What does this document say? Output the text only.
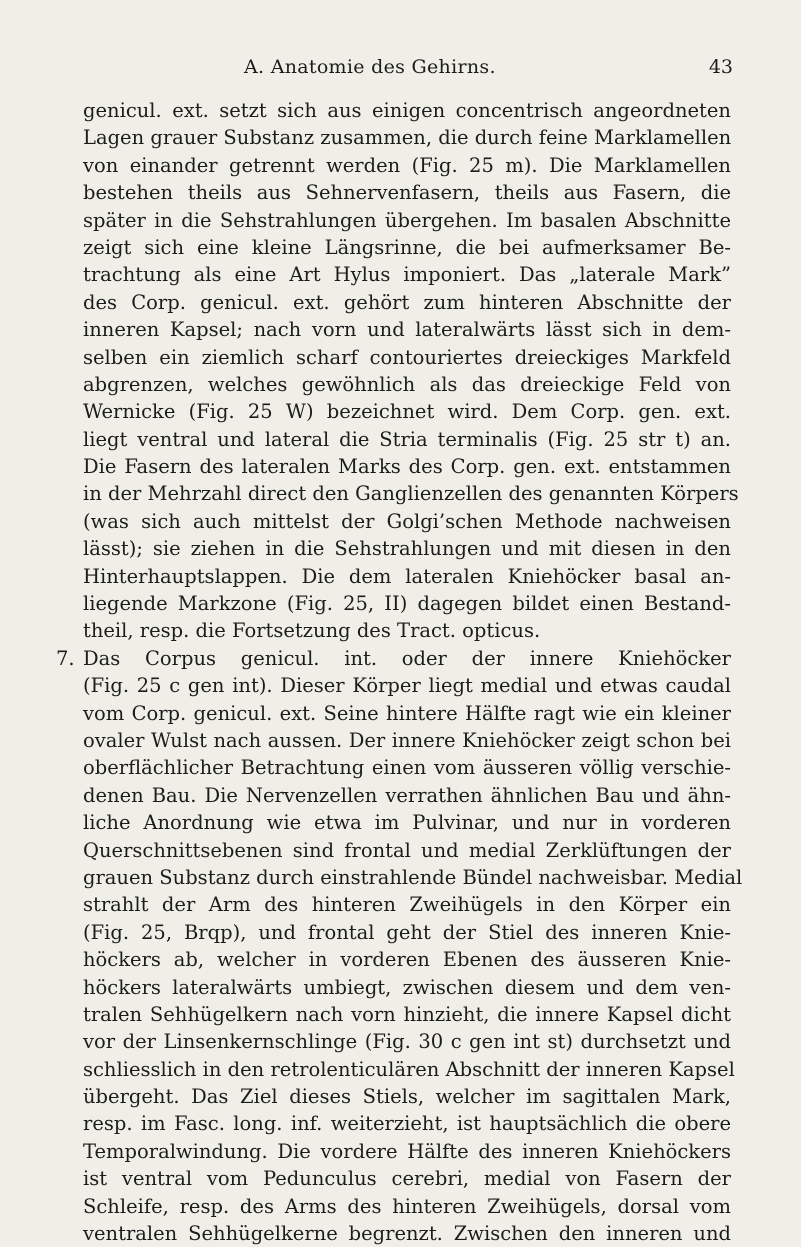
A. Anatomie des Gehirns.	43
genicul. ext. setzt sich aus einigen concentrisch angeordneten
Lagen grauer Substanz zusammen, die durch feine Marklamellen
von einander getrennt werden (Fig. 25 m). Die Marklamellen
bestehen theils aus Sehnervenfasern, theils aus Fasern, die
später in die Sehstrahlungen übergehen. Im basalen Abschnitte
zeigt sich eine kleine Längsrinne, die bei aufmerksamer Be-
trachtung als eine Art Hylus imponiert. Das „laterale Mark”
des Corp. genicul. ext. gehört zum hinteren Abschnitte der
inneren Kapsel; nach vorn und lateralwärts lässt sich in dem-
selben ein ziemlich scharf contouriertes dreieckiges Markfeld
abgrenzen, welches gewöhnlich als das dreieckige Feld von
Wernicke (Fig. 25 W) bezeichnet wird. Dem Corp. gen. ext.
liegt ventral und lateral die Stria terminalis (Fig. 25 str t) an.
Die Fasern des lateralen Marks des Corp. gen. ext. entstammen
in der Mehrzahl direct den Ganglienzellen des genannten Körpers
(was sich auch mittelst der Golgi’schen Methode nachweisen
lässt); sie ziehen in die Sehstrahlungen und mit diesen in den
Hinterhauptslappen. Die dem lateralen Kniehöcker basal an-
liegende Markzone (Fig. 25, II) dagegen bildet einen Bestand-
theil, resp. die Fortsetzung des Tract. opticus.
7. Das Corpus genicul. int. oder der innere Kniehöcker
(Fig. 25 c gen int). Dieser Körper liegt medial und etwas caudal
vom Corp. genicul. ext. Seine hintere Hälfte ragt wie ein kleiner
ovaler Wulst nach aussen. Der innere Kniehöcker zeigt schon bei
oberflächlicher Betrachtung einen vom äusseren völlig verschie-
denen Bau. Die Nervenzellen verrathen ähnlichen Bau und ähn-
liche Anordnung wie etwa im Pulvinar, und nur in vorderen
Querschnittsebenen sind frontal und medial Zerklüftungen der
grauen Substanz durch einstrahlende Bündel nachweisbar. Medial
strahlt der Arm des hinteren Zweihügels in den Körper ein
(Fig. 25, Brqp), und frontal geht der Stiel des inneren Knie-
höckers ab, welcher in vorderen Ebenen des äusseren Knie-
höckers lateralwärts umbiegt, zwischen diesem und dem ven-
tralen Sehhügelkern nach vorn hinzieht, die innere Kapsel dicht
vor der Linsenkernschlinge (Fig. 30 c gen int st) durchsetzt und
schliesslich in den retrolenticulären Abschnitt der inneren Kapsel
übergeht. Das Ziel dieses Stiels, welcher im sagittalen Mark,
resp. im Fasc. long. inf. weiterzieht, ist hauptsächlich die obere
Temporalwindung. Die vordere Hälfte des inneren Kniehöckers
ist ventral vom Pedunculus cerebri, medial von Fasern der
Schleife, resp. des Arms des hinteren Zweihügels, dorsal vom
ventralen Sehhügelkerne begrenzt. Zwischen den inneren und
